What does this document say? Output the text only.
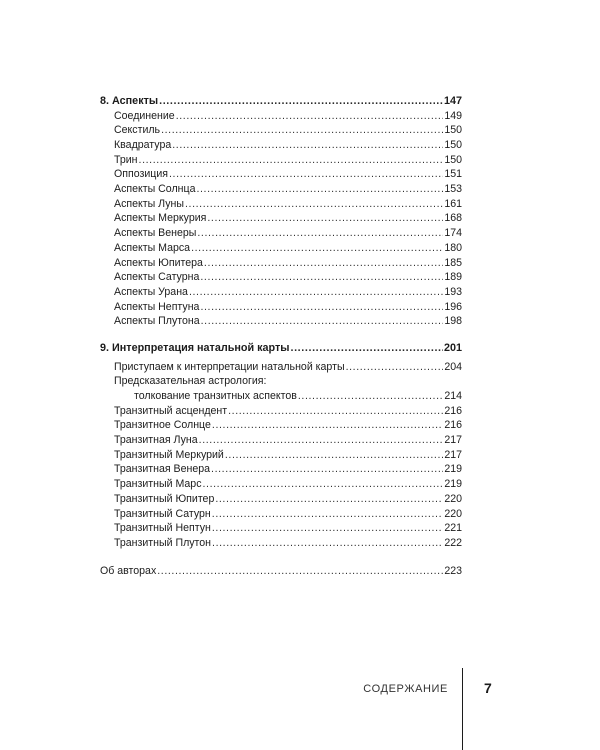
8. Аспекты .....	147
Соединение .....	149
Секстиль .....	150
Квадратура .....	150
Трин .....	150
Оппозиция .....	151
Аспекты Солнца .....	153
Аспекты Луны .....	161
Аспекты Меркурия .....	168
Аспекты Венеры .....	174
Аспекты Марса .....	180
Аспекты Юпитера .....	185
Аспекты Сатурна .....	189
Аспекты Урана .....	193
Аспекты Нептуна .....	196
Аспекты Плутона .....	198
9. Интерпретация натальной карты .....	201
Приступаем к интерпретации натальной карты .....	204
Предсказательная астрология:
толкование транзитных аспектов .....	214
Транзитный асцендент .....	216
Транзитное Солнце .....	216
Транзитная Луна .....	217
Транзитный Меркурий .....	217
Транзитная Венера .....	219
Транзитный Марс .....	219
Транзитный Юпитер .....	220
Транзитный Сатурн .....	220
Транзитный Нептун .....	221
Транзитный Плутон .....	222
Об авторах .....	223
СОДЕРЖАНИЕ	7
